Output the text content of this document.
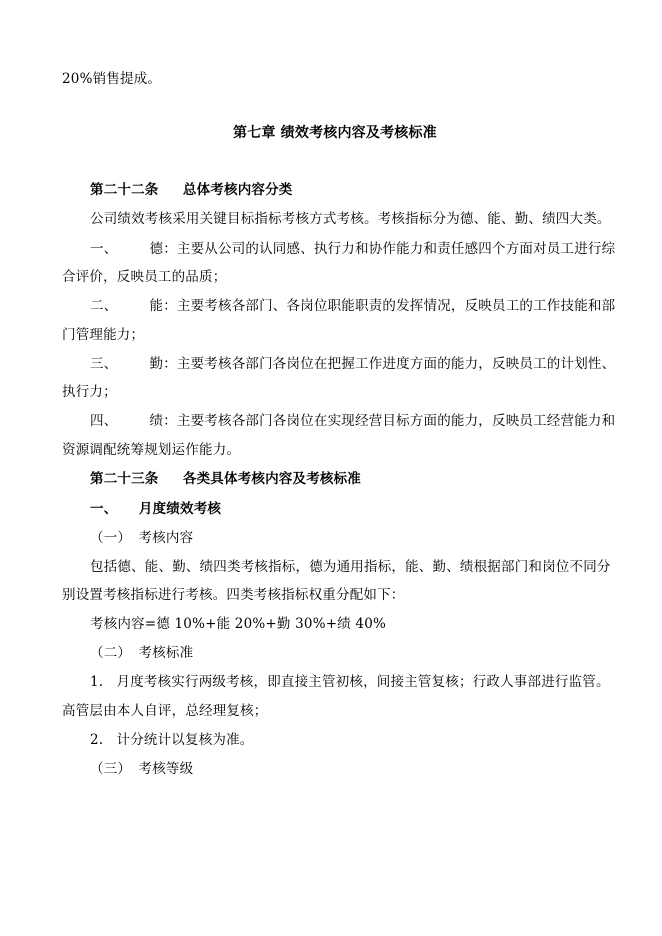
20%销售提成。
第七章 绩效考核内容及考核标准
第二十二条 总体考核内容分类
公司绩效考核采用关键目标指标考核方式考核。考核指标分为德、能、勤、绩四大类。
一、 德：主要从公司的认同感、执行力和协作能力和责任感四个方面对员工进行综
合评价，反映员工的品质；
二、 能：主要考核各部门、各岗位职能职责的发挥情况，反映员工的工作技能和部
门管理能力；
三、 勤：主要考核各部门各岗位在把握工作进度方面的能力，反映员工的计划性、
执行力；
四、 绩：主要考核各部门各岗位在实现经营目标方面的能力，反映员工经营能力和
资源调配统筹规划运作能力。
第二十三条 各类具体考核内容及考核标准
一、 月度绩效考核
（一） 考核内容
包括德、能、勤、绩四类考核指标，德为通用指标，能、勤、绩根据部门和岗位不同分
别设置考核指标进行考核。四类考核指标权重分配如下：
考核内容=德 10%+能 20%+勤 30%+绩 40%
（二） 考核标准
1. 月度考核实行两级考核，即直接主管初核，间接主管复核；行政人事部进行监管。
高管层由本人自评，总经理复核；
2. 计分统计以复核为准。
（三） 考核等级
